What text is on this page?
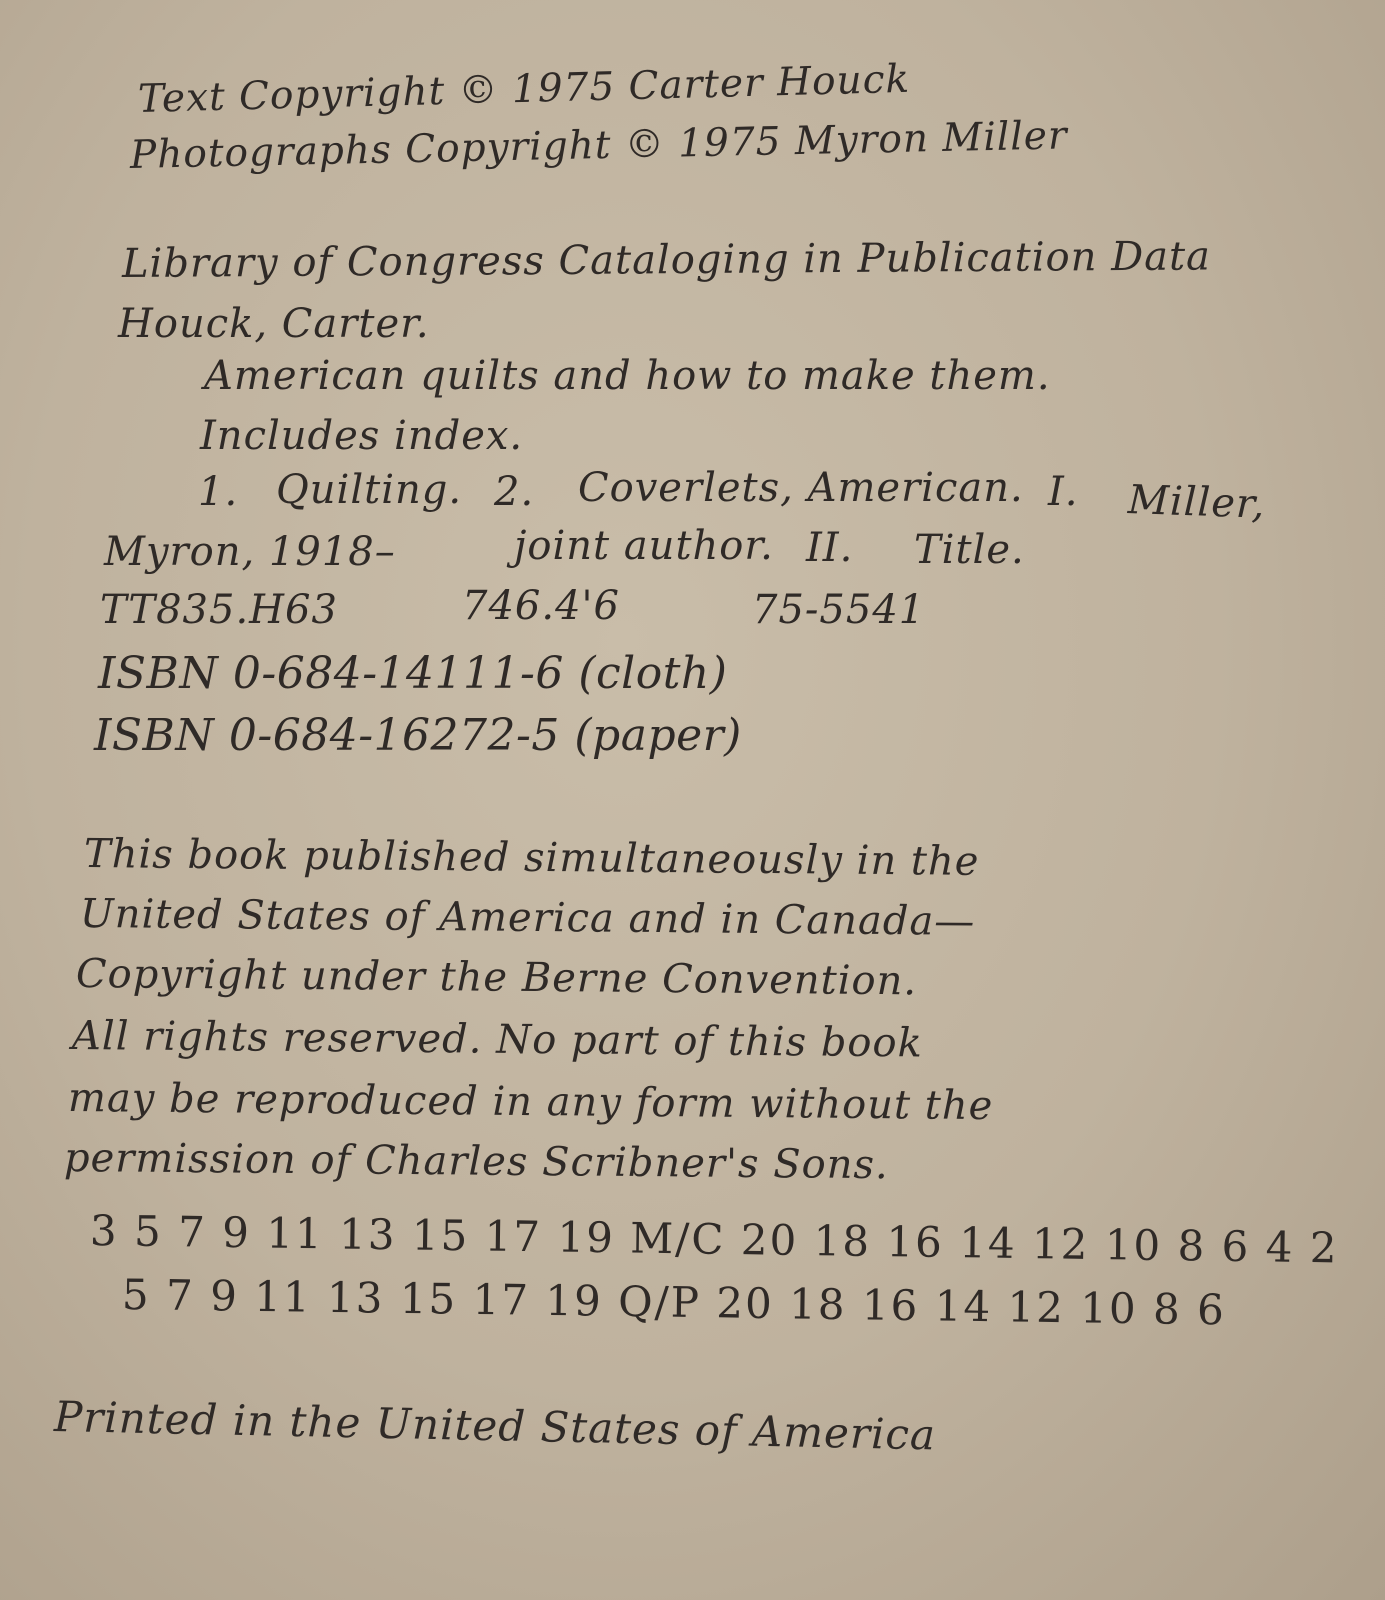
Text Copyright © 1975 Carter Houck
Photographs Copyright © 1975 Myron Miller
Library of Congress Cataloging in Publication Data
Houck, Carter.
American quilts and how to make them.
Includes index.
1. Quilting. 2. Coverlets, American. I. Miller,
Myron, 1918–	joint author. II. Title.
TT835.H63	746.4'6	75-5541
ISBN 0-684-14111-6 (cloth)
ISBN 0-684-16272-5 (paper)
This book published simultaneously in the
United States of America and in Canada—
Copyright under the Berne Convention.
All rights reserved. No part of this book
may be reproduced in any form without the
permission of Charles Scribner's Sons.
3 5 7 9 11 13 15 17 19 M/C 20 18 16 14 12 10 8 6 4 2
5 7 9 11 13 15 17 19 Q/P 20 18 16 14 12 10 8 6
Printed in the United States of America
